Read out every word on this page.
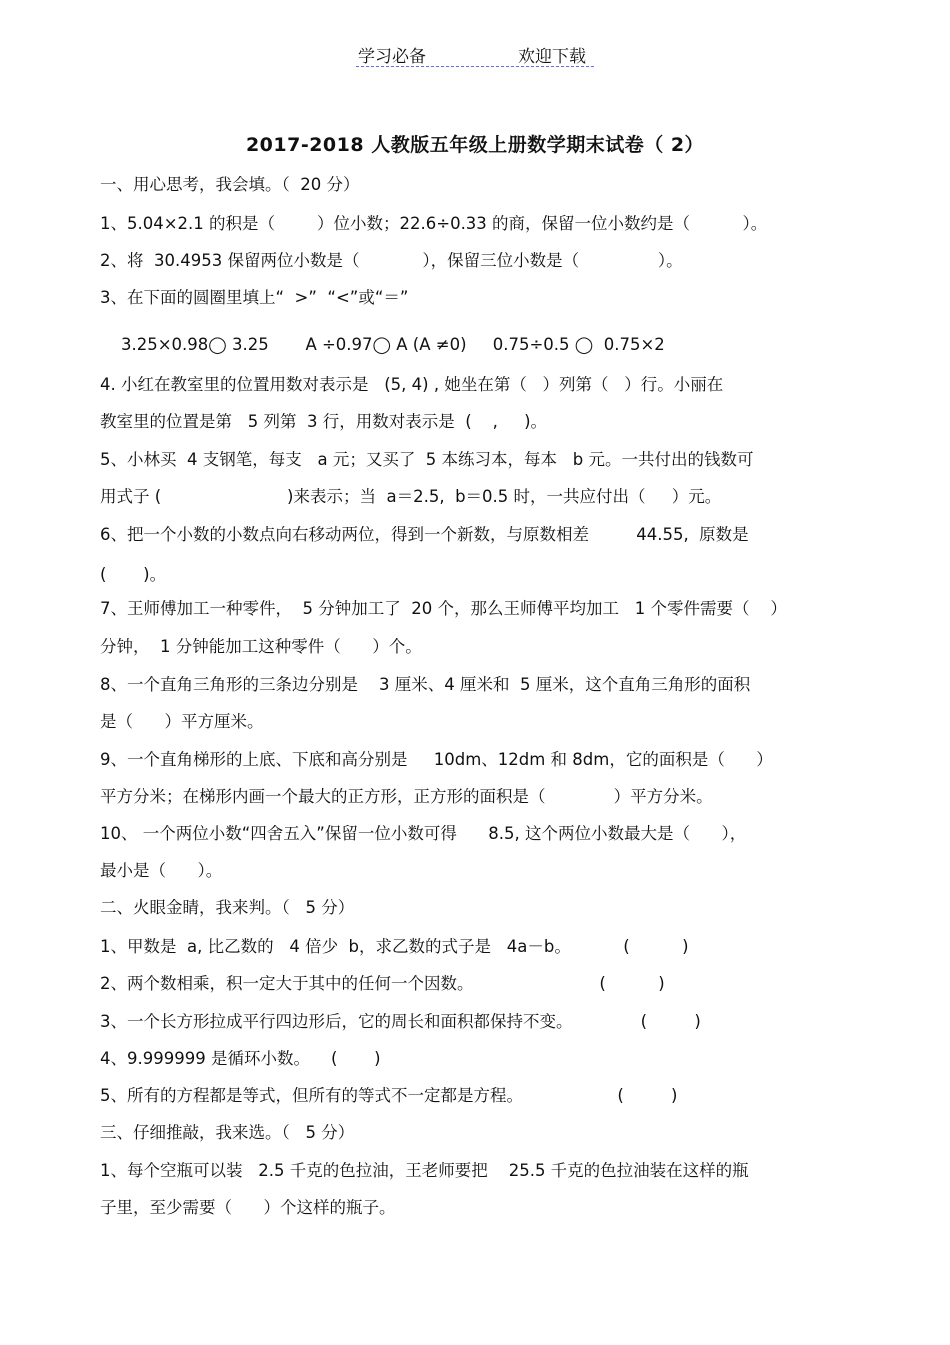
学习必备	欢迎下载
2017-2018 人教版五年级上册数学期末试卷（ 2）
一、用心思考，我会填。（  20 分）
1、5.04×2.1 的积是（        ）位小数；22.6÷0.33 的商，保留一位小数约是（          ）。
2、将  30.4953 保留两位小数是（            ），保留三位小数是（               ）。
3、在下面的圆圈里填上“  >”  “<”或“＝”
3.25×0.98◯ 3.25       A ÷0.97◯ A (A ≠0)     0.75÷0.5 ◯  0.75×2
4. 小红在教室里的位置用数对表示是   (5, 4) , 她坐在第（   ）列第（   ）行。小丽在
教室里的位置是第   5 列第  3 行，用数对表示是  (    ,     )。
5、小林买  4 支钢笔，每支   a 元；又买了  5 本练习本，每本   b 元。一共付出的钱数可
用式子 (                        )来表示；当  a＝2.5,  b＝0.5 时，一共应付出（     ）元。
6、把一个小数的小数点向右移动两位，得到一个新数，与原数相差         44.55,  原数是
(       )。
7、王师傅加工一种零件，  5 分钟加工了  20 个，那么王师傅平均加工   1 个零件需要（    ）
分钟，  1 分钟能加工这种零件（      ）个。
8、一个直角三角形的三条边分别是    3 厘米、4 厘米和  5 厘米，这个直角三角形的面积
是（      ）平方厘米。
9、一个直角梯形的上底、下底和高分别是     10dm、12dm 和 8dm，它的面积是（      ）
平方分米；在梯形内画一个最大的正方形，正方形的面积是（             ）平方分米。
10、 一个两位小数“四舍五入”保留一位小数可得      8.5, 这个两位小数最大是（      ），
最小是（      ）。
二、火眼金睛，我来判。（   5 分）
1、甲数是  a, 比乙数的   4 倍少  b，求乙数的式子是   4a－b。          (          )
2、两个数相乘，积一定大于其中的任何一个因数。                        (          )
3、一个长方形拉成平行四边形后，它的周长和面积都保持不变。             (         )
4、9.999999 是循环小数。    (       )
5、所有的方程都是等式，但所有的等式不一定都是方程。                  (         )
三、仔细推敲，我来选。（   5 分）
1、每个空瓶可以装   2.5 千克的色拉油，王老师要把    25.5 千克的色拉油装在这样的瓶
子里，至少需要（      ）个这样的瓶子。
